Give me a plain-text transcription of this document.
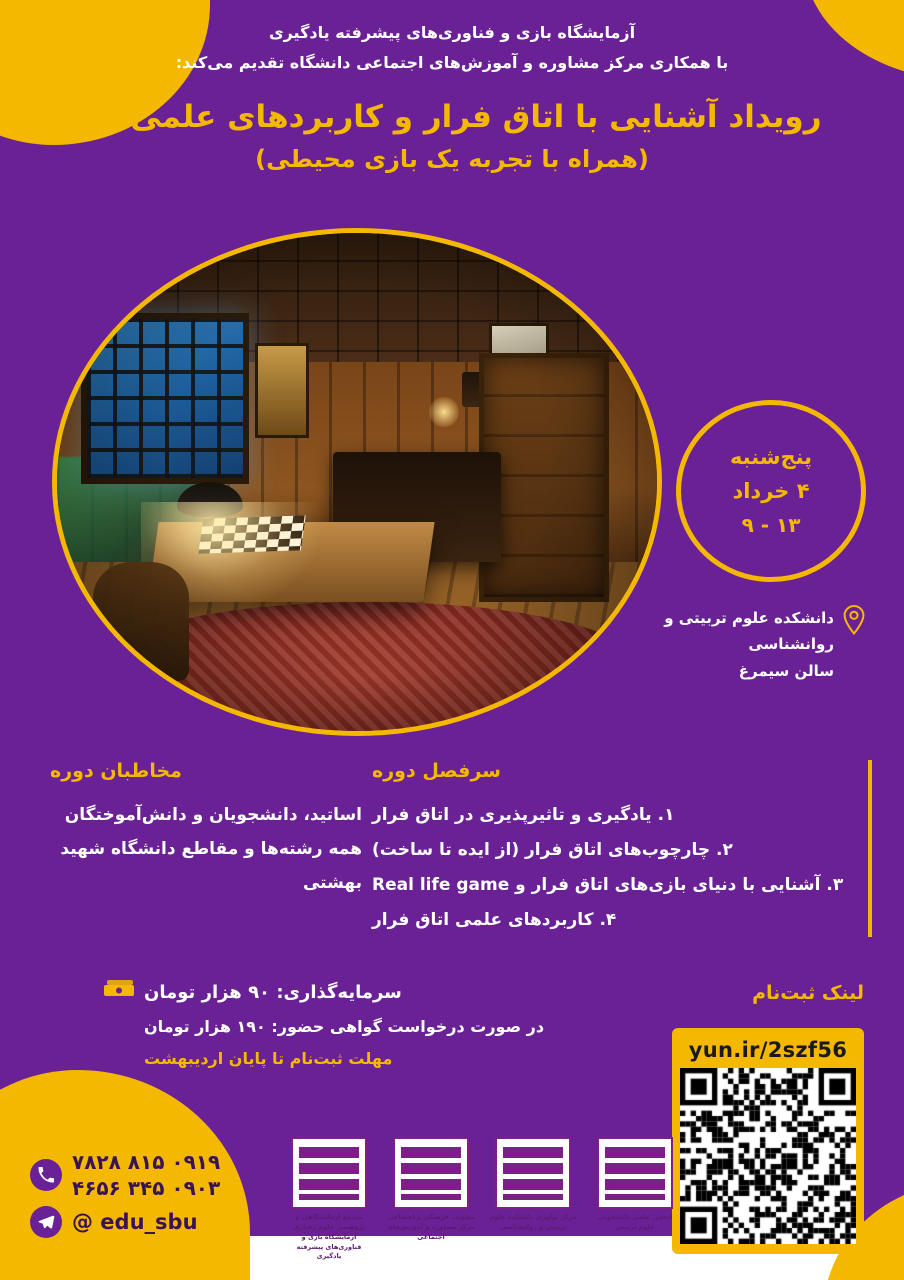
آزمایشگاه بازی و فناوری‌های پیشرفته یادگیری
با همکاری مرکز مشاوره و آموزش‌های اجتماعی دانشگاه تقدیم می‌کند:
رویداد آشنایی با اتاق فرار و کاربردهای علمی آن
(همراه با تجربه یک بازی محیطی)
پنج‌شنبه
۴ خرداد
۱۳ - ۹
دانشکده علوم تربیتی و روانشناسی
سالن سیمرغ
سرفصل دوره
۱. یادگیری و تاثیرپذیری در اتاق فرار
۲. چارچوب‌های اتاق فرار (از ایده تا ساخت)
۳. آشنایی با دنیای بازی‌های اتاق فرار و Real life game
۴. کاربردهای علمی اتاق فرار
مخاطبان دوره
اساتید، دانشجویان و دانش‌آموختگان
همه رشته‌ها و مقاطع دانشگاه شهید بهشتی
سرمایه‌گذاری: ۹۰ هزار تومان
در صورت درخواست گواهی حضور: ۱۹۰ هزار تومان
مهلت ثبت‌نام تا پایان اردیبهشت
لینک ثبت‌نام
yun.ir/2szf56
۰۹۱۹ ۸۱۵ ۷۸۲۸
۰۹۰۳ ۳۴۵ ۴۶۵۶
@ edu_sbu	انجمن علمی دانشجویی علوم تربیتی
مرکز نوآوری دانشکده علوم تربیتی و روانشناسی
معاونت فرهنگی و اجتماعی مرکز مشاوره و آموزش‌های اجتماعی
مجتمع آزمایشگاهی و پژوهشی علوم رفتاری آزمایشگاه بازی و فناوری‌های پیشرفته یادگیری
